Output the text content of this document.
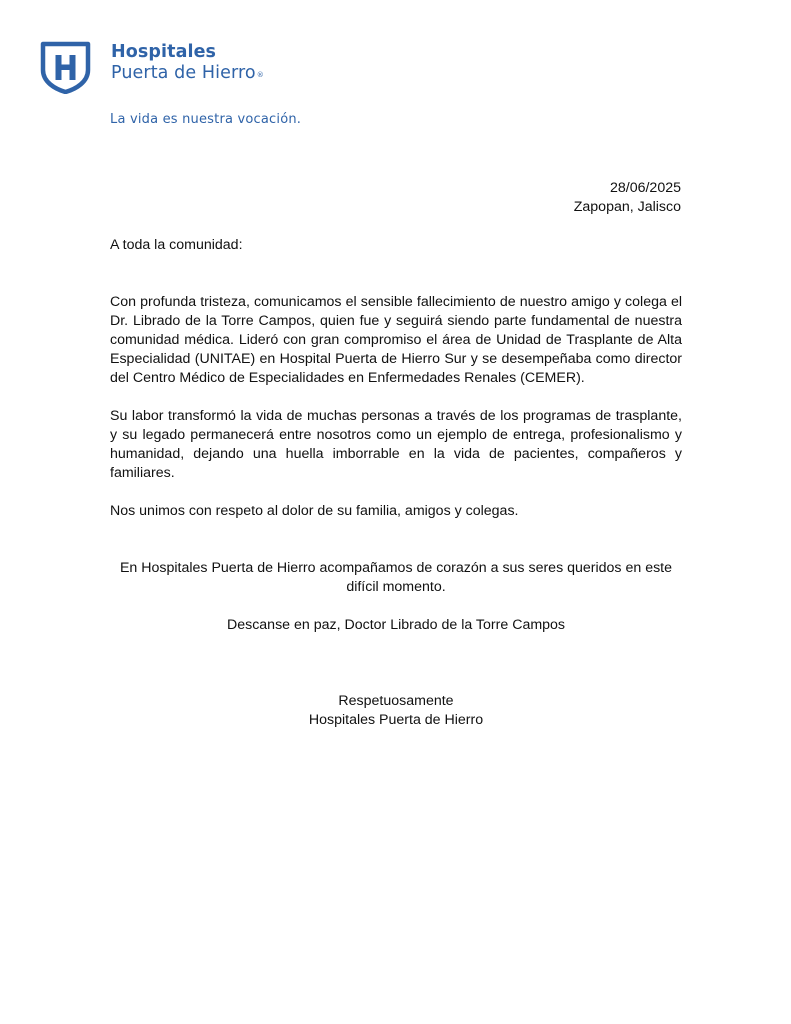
Hospitales
Puerta de Hierro®
La vida es nuestra vocación.
28/06/2025
Zapopan, Jalisco
A toda la comunidad:
Con profunda tristeza, comunicamos el sensible fallecimiento de nuestro amigo y colega el Dr. Librado de la Torre Campos, quien fue y seguirá siendo parte fundamental de nuestra comunidad médica. Lideró con gran compromiso el área de Unidad de Trasplante de Alta Especialidad (UNITAE) en Hospital Puerta de Hierro Sur y se desempeñaba como director del Centro Médico de Especialidades en Enfermedades Renales (CEMER).
Su labor transformó la vida de muchas personas a través de los programas de trasplante, y su legado permanecerá entre nosotros como un ejemplo de entrega, profesionalismo y humanidad, dejando una huella imborrable en la vida de pacientes, compañeros y familiares.
Nos unimos con respeto al dolor de su familia, amigos y colegas.
En Hospitales Puerta de Hierro acompañamos de corazón a sus seres queridos en este difícil momento.
Descanse en paz, Doctor Librado de la Torre Campos
Respetuosamente
Hospitales Puerta de Hierro
